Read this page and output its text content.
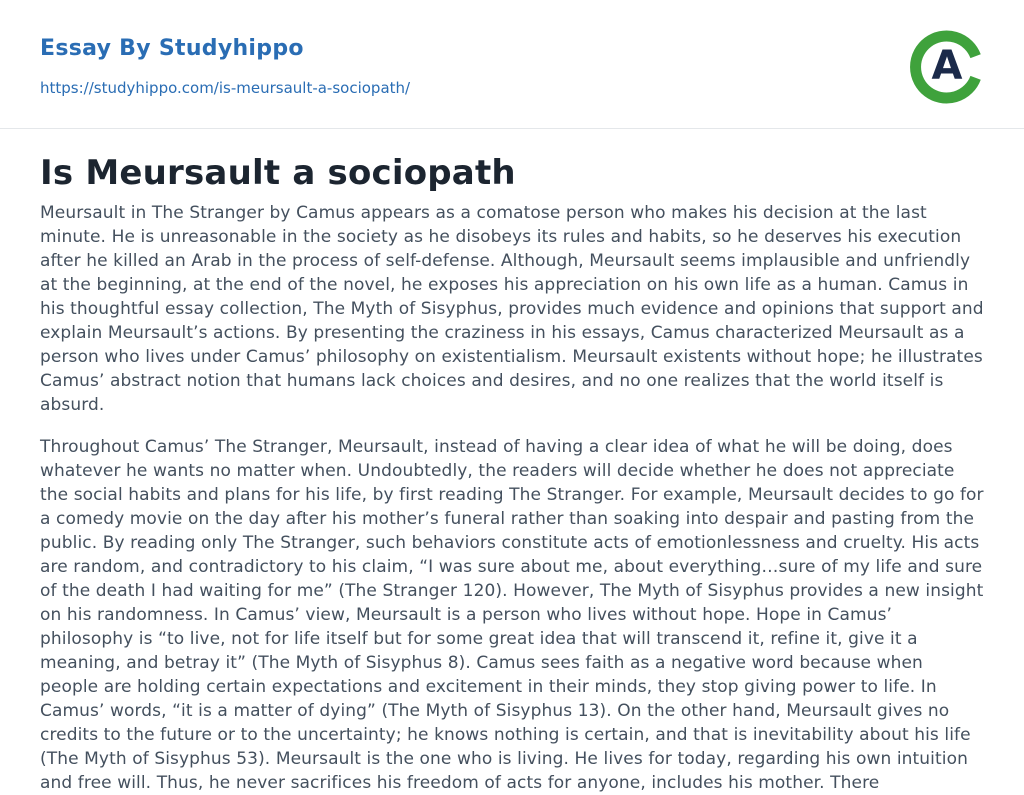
Essay By Studyhippo
https://studyhippo.com/is-meursault-a-sociopath/	A
Is Meursault a sociopath

Meursault in The Stranger by Camus appears as a comatose person who makes his decision at the last minute. He is unreasonable in the society as he disobeys its rules and habits, so he deserves his execution after he killed an Arab in the process of self-defense. Although, Meursault seems implausible and unfriendly at the beginning, at the end of the novel, he exposes his appreciation on his own life as a human. Camus in his thoughtful essay collection, The Myth of Sisyphus, provides much evidence and opinions that support and explain Meursault’s actions. By presenting the craziness in his essays, Camus characterized Meursault as a person who lives under Camus’ philosophy on existentialism. Meursault existents without hope; he illustrates Camus’ abstract notion that humans lack choices and desires, and no one realizes that the world itself is absurd.

Throughout Camus’ The Stranger, Meursault, instead of having a clear idea of what he will be doing, does whatever he wants no matter when. Undoubtedly, the readers will decide whether he does not appreciate the social habits and plans for his life, by first reading The Stranger. For example, Meursault decides to go for a comedy movie on the day after his mother’s funeral rather than soaking into despair and pasting from the public. By reading only The Stranger, such behaviors constitute acts of emotionlessness and cruelty. His acts are random, and contradictory to his claim, “I was sure about me, about everything…sure of my life and sure of the death I had waiting for me” (The Stranger 120). However, The Myth of Sisyphus provides a new insight on his randomness. In Camus’ view, Meursault is a person who lives without hope. Hope in Camus’ philosophy is “to live, not for life itself but for some great idea that will transcend it, refine it, give it a meaning, and betray it” (The Myth of Sisyphus 8). Camus sees faith as a negative word because when people are holding certain expectations and excitement in their minds, they stop giving power to life. In Camus’ words, “it is a matter of dying” (The Myth of Sisyphus 13). On the other hand, Meursault gives no credits to the future or to the uncertainty; he knows nothing is certain, and that is inevitability about his life (The Myth of Sisyphus 53). Meursault is the one who is living. He lives for today, regarding his own intuition and free will. Thus, he never sacrifices his freedom of acts for anyone, includes his mother. There
